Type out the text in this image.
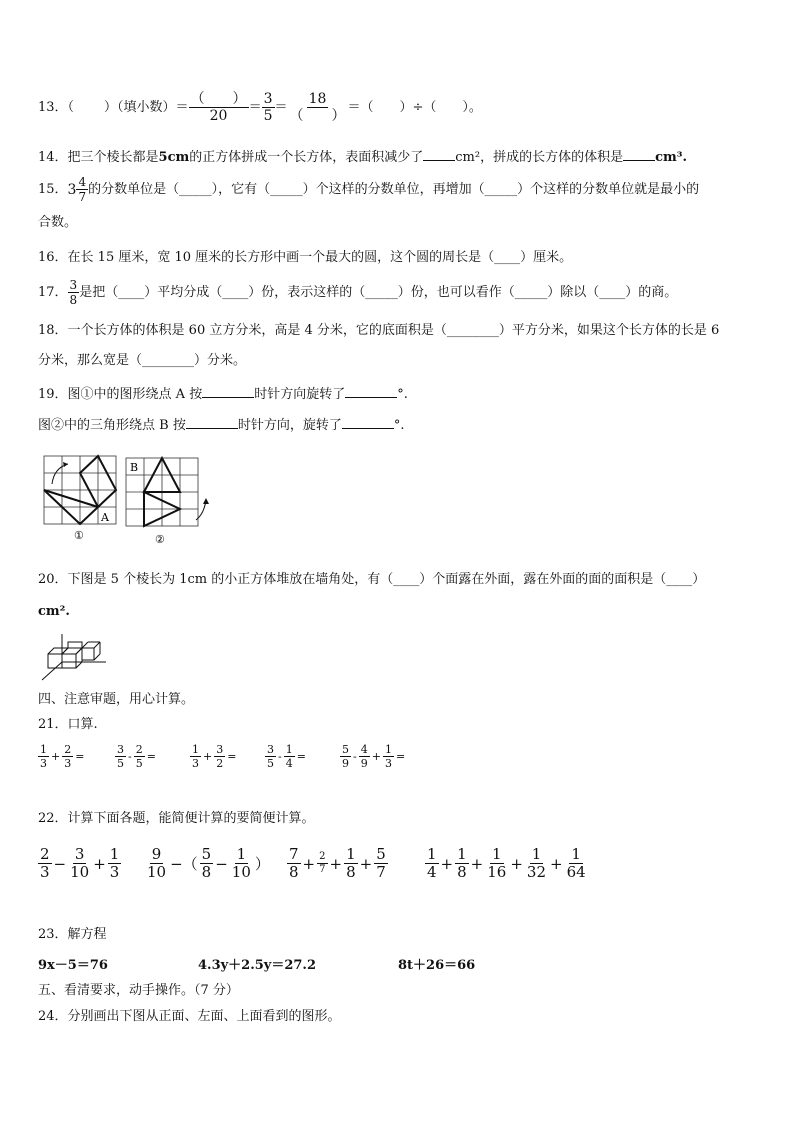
13．（ ）（填小数）＝ $\frac{( )}{20} = \frac{3}{5} = \frac{18}{( )}$ ＝（　　）÷（　　）。
14．把三个棱长都是5cm的正方体拼成一个长方体，表面积减少了 cm²，拼成的长方体的体积是 cm³.
15． $3 \frac{4}{7}$ 的分数单位是（_____），它有（_____）个这样的分数单位，再增加（_____）个这样的分数单位就是最小的
合数。
16．在长 15 厘米，宽 10 厘米的长方形中画一个最大的圆，这个圆的周长是（____）厘米。
17． $\frac{3}{8}$ 是把（____）平均分成（____）份，表示这样的（_____）份，也可以看作（_____）除以（____）的商。
18．一个长方体的体积是 60 立方分米，高是 4 分米，它的底面积是（________）平方分米，如果这个长方体的长是 6
分米，那么宽是（________）分米。
19．图①中的图形绕点 A 按	时针方向旋转了	°.
图②中的三角形绕点 B 按	时针方向，旋转了	°.
A
①
B
②
20．下图是 5 个棱长为 1cm 的小正方体堆放在墙角处，有（____）个面露在外面，露在外面的面的面积是（____）
cm².
四、注意审题，用心计算。
21．口算.
$\frac{1}{3} + \frac{2}{3}$ =	$\frac{3}{5} - \frac{2}{5}$ =	$\frac{1}{3} + \frac{3}{2}$ =	$\frac{3}{5} - \frac{1}{4}$ =	$\frac{5}{9} - \frac{4}{9} + \frac{1}{3}$ =
22．计算下面各题，能简便计算的要简便计算。
$\frac{2}{3} - \frac{3}{10} + \frac{1}{3} \frac{9}{10}$ −（ $\frac{5}{8} - \frac{1}{10}$ ） $\frac{7}{8} + \frac{2}{7} + \frac{1}{8} + \frac{5}{7} \frac{1}{4} + \frac{1}{8} + \frac{1}{16} + \frac{1}{32} + \frac{1}{64}$
23．解方程
9x－5＝76	4.3y＋2.5y＝27.2	8t＋26＝66
五、看清要求，动手操作。（7 分）
24．分别画出下图从正面、左面、上面看到的图形。
